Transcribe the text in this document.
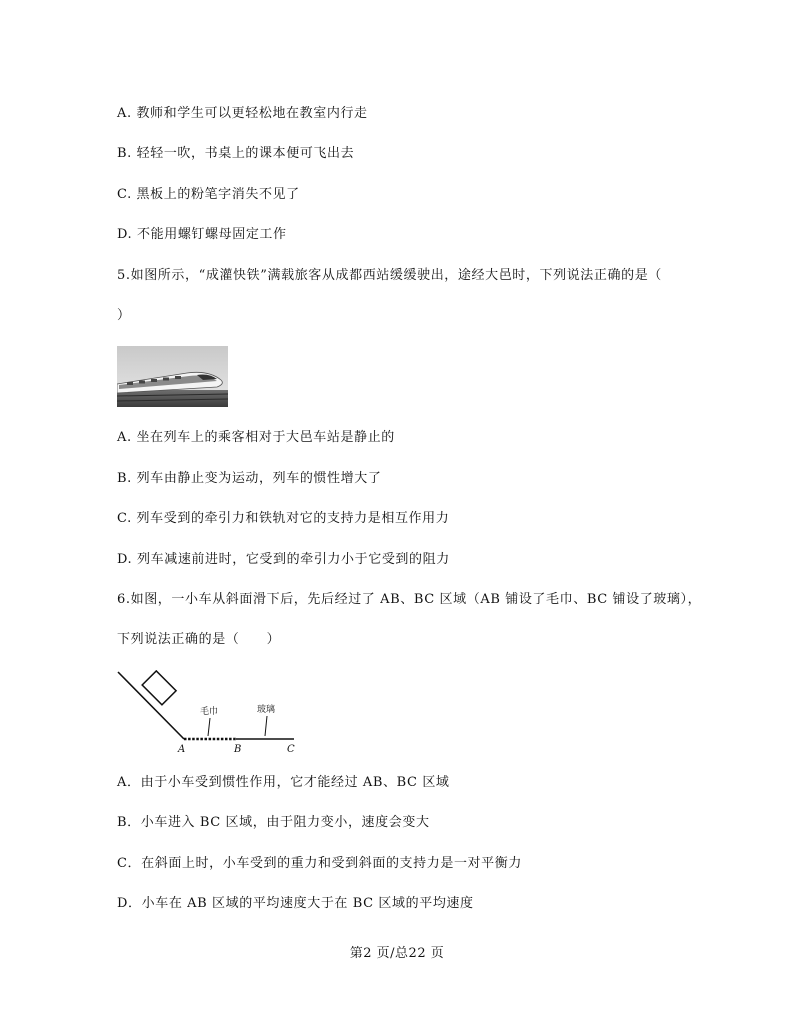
A. 教师和学生可以更轻松地在教室内行走
B. 轻轻一吹，书桌上的课本便可飞出去
C. 黑板上的粉笔字消失不见了
D. 不能用螺钉螺母固定工作
5.如图所示，“成灌快铁”满载旅客从成都西站缓缓驶出，途经大邑时，下列说法正确的是（
）
A. 坐在列车上的乘客相对于大邑车站是静止的
B. 列车由静止变为运动，列车的惯性增大了
C. 列车受到的牵引力和铁轨对它的支持力是相互作用力
D. 列车减速前进时，它受到的牵引力小于它受到的阻力
6.如图，一小车从斜面滑下后，先后经过了 AB、BC 区域（AB 铺设了毛巾、BC 铺设了玻璃），
下列说法正确的是（　　）
毛巾	玻璃
A	B	C
A．由于小车受到惯性作用，它才能经过 AB、BC 区域
B．小车进入 BC 区域，由于阻力变小，速度会变大
C．在斜面上时，小车受到的重力和受到斜面的支持力是一对平衡力
D．小车在 AB 区域的平均速度大于在 BC 区域的平均速度
第2 页/总22 页
